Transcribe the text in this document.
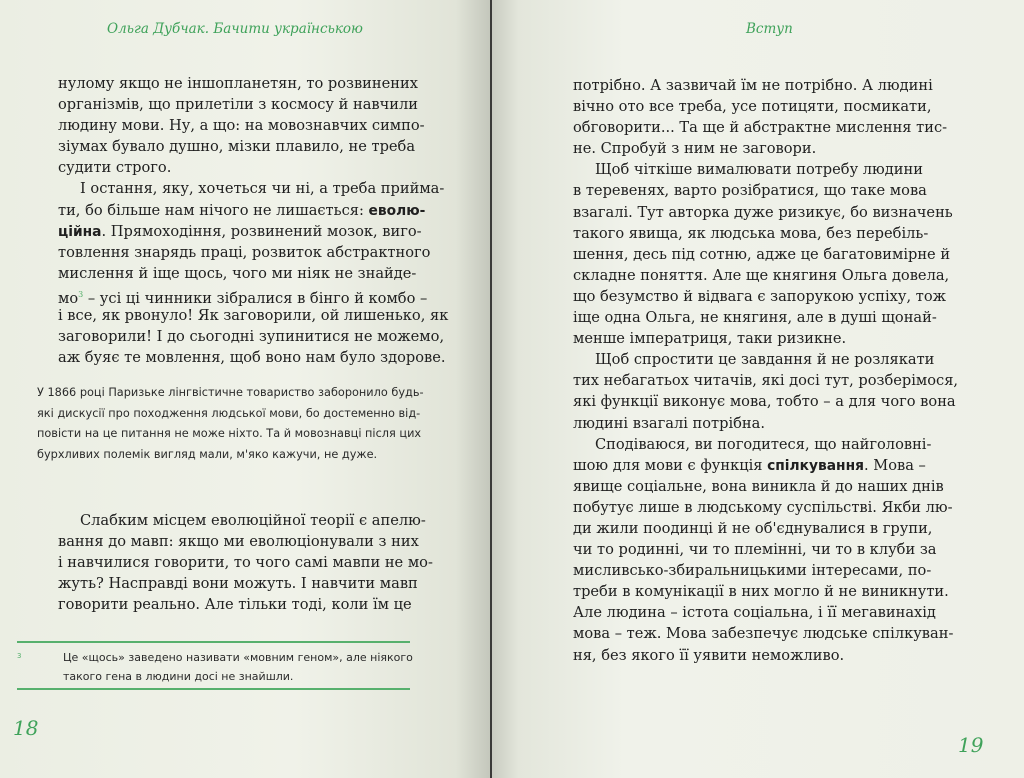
Ольга Дубчак. Бачити українською
нулому якщо не іншопланетян, то розвинених
організмів, що прилетіли з космосу й навчили
людину мови. Ну, а що: на мовознавчих симпо-
зіумах бувало душно, мізки плавило, не треба
судити строго.
І остання, яку, хочеться чи ні, а треба прийма-
ти, бо більше нам нічого не лишається: еволю-
ційна. Прямоходіння, розвинений мозок, виго-
товлення знарядь праці, розвиток абстрактного
мислення й іще щось, чого ми ніяк не знайде-
$мо^3$ – усі ці чинники зібралися в бінго й комбо –
і все, як рвонуло! Як заговорили, ой лишенько, як
заговорили! І до сьогодні зупинитися не можемо,
аж буяє те мовлення, щоб воно нам було здорове.
У 1866 році Паризьке лінгвістичне товариство заборонило будь-
які дискусії про походження людської мови, бо достеменно від-
повісти на це питання не може ніхто. Та й мовознавці після цих
бурхливих полемік вигляд мали, м'яко кажучи, не дуже.
Слабким місцем еволюційної теорії є апелю-
вання до мавп: якщо ми еволюціонували з них
і навчилися говорити, то чого самі мавпи не мо-
жуть? Насправді вони можуть. І навчити мавп
говорити реально. Але тільки тоді, коли їм це
3	Це «щось» заведено називати «мовним геном», але ніякого
такого гена в людини досі не знайшли.
18
Вступ
потрібно. А зазвичай їм не потрібно. А людині
вічно ото все треба, усе потицяти, посмикати,
обговорити... Та ще й абстрактне мислення тис-
не. Спробуй з ним не заговори.
Щоб чіткіше вималювати потребу людини
в теревенях, варто розібратися, що таке мова
взагалі. Тут авторка дуже ризикує, бо визначень
такого явища, як людська мова, без перебіль-
шення, десь під сотню, адже це багатовимірне й
складне поняття. Але ще княгиня Ольга довела,
що безумство й відвага є запорукою успіху, тож
іще одна Ольга, не княгиня, але в душі щонай-
менше імператриця, таки ризикне.
Щоб спростити це завдання й не розлякати
тих небагатьох читачів, які досі тут, розберімося,
які функції виконує мова, тобто – а для чого вона
людині взагалі потрібна.
Сподіваюся, ви погодитеся, що найголовні-
шою для мови є функція спілкування. Мова –
явище соціальне, вона виникла й до наших днів
побутує лише в людському суспільстві. Якби лю-
ди жили поодинці й не об'єднувалися в групи,
чи то родинні, чи то племінні, чи то в клуби за
мисливсько-збиральницькими інтересами, по-
треби в комунікації в них могло й не виникнути.
Але людина – істота соціальна, і її мегавинахід
мова – теж. Мова забезпечує людське спілкуван-
ня, без якого її уявити неможливо.
19
